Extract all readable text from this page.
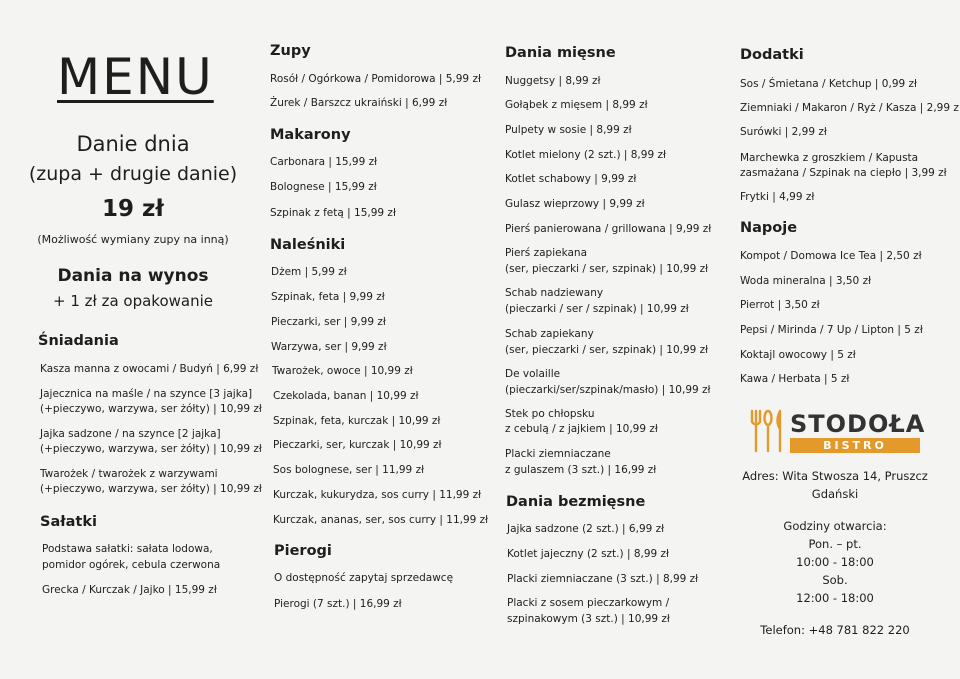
MENU
Danie dnia
(zupa + drugie danie)
19 zł
(Możliwość wymiany zupy na inną)
Dania na wynos
+ 1 zł za opakowanie
Śniadania
Kasza manna z owocami / Budyń | 6,99 zł
Jajecznica na maśle / na szynce [3 jajka]
(+pieczywo, warzywa, ser żółty) | 10,99 zł
Jajka sadzone / na szynce [2 jajka]
(+pieczywo, warzywa, ser żółty) | 10,99 zł
Twarożek / twarożek z warzywami
(+pieczywo, warzywa, ser żółty) | 10,99 zł
Sałatki
Podstawa sałatki: sałata lodowa,
pomidor ogórek, cebula czerwona
Grecka / Kurczak / Jajko | 15,99 zł
Zupy
Rosół / Ogórkowa / Pomidorowa | 5,99 zł
Żurek / Barszcz ukraiński | 6,99 zł
Makarony
Carbonara | 15,99 zł
Bolognese | 15,99 zł
Szpinak z fetą | 15,99 zł
Naleśniki
Dżem | 5,99 zł
Szpinak, feta | 9,99 zł
Pieczarki, ser | 9,99 zł
Warzywa, ser | 9,99 zł
Twarożek, owoce | 10,99 zł
Czekolada, banan | 10,99 zł
Szpinak, feta, kurczak | 10,99 zł
Pieczarki, ser, kurczak | 10,99 zł
Sos bolognese, ser | 11,99 zł
Kurczak, kukurydza, sos curry | 11,99 zł
Kurczak, ananas, ser, sos curry | 11,99 zł
Pierogi
O dostępność zapytaj sprzedawcę
Pierogi (7 szt.) | 16,99 zł
Dania mięsne
Nuggetsy | 8,99 zł
Gołąbek z mięsem | 8,99 zł
Pulpety w sosie | 8,99 zł
Kotlet mielony (2 szt.) | 8,99 zł
Kotlet schabowy | 9,99 zł
Gulasz wieprzowy | 9,99 zł
Pierś panierowana / grillowana | 9,99 zł
Pierś zapiekana
(ser, pieczarki / ser, szpinak) | 10,99 zł
Schab nadziewany
(pieczarki / ser / szpinak) | 10,99 zł
Schab zapiekany
(ser, pieczarki / ser, szpinak) | 10,99 zł
De volaille
(pieczarki/ser/szpinak/masło) | 10,99 zł
Stek po chłopsku
z cebulą / z jajkiem | 10,99 zł
Placki ziemniaczane
z gulaszem (3 szt.) | 16,99 zł
Dania bezmięsne
Jajka sadzone (2 szt.) | 6,99 zł
Kotlet jajeczny (2 szt.) | 8,99 zł
Placki ziemniaczane (3 szt.) | 8,99 zł
Placki z sosem pieczarkowym /
szpinakowym (3 szt.) | 10,99 zł
Dodatki
Sos / Śmietana / Ketchup | 0,99 zł
Ziemniaki / Makaron / Ryż / Kasza | 2,99 z
Surówki | 2,99 zł
Marchewka z groszkiem / Kapusta
zasmażana / Szpinak na ciepło | 3,99 zł
Frytki | 4,99 zł
Napoje
Kompot / Domowa Ice Tea | 2,50 zł
Woda mineralna | 3,50 zł
Pierrot | 3,50 zł
Pepsi / Mirinda / 7 Up / Lipton | 5 zł
Koktajl owocowy | 5 zł
Kawa / Herbata | 5 zł
STODOŁA
BISTRO
Adres: Wita Stwosza 14, Pruszcz
Gdański
Godziny otwarcia:
Pon. – pt.
10:00 - 18:00
Sob.
12:00 - 18:00
Telefon: +48 781 822 220
